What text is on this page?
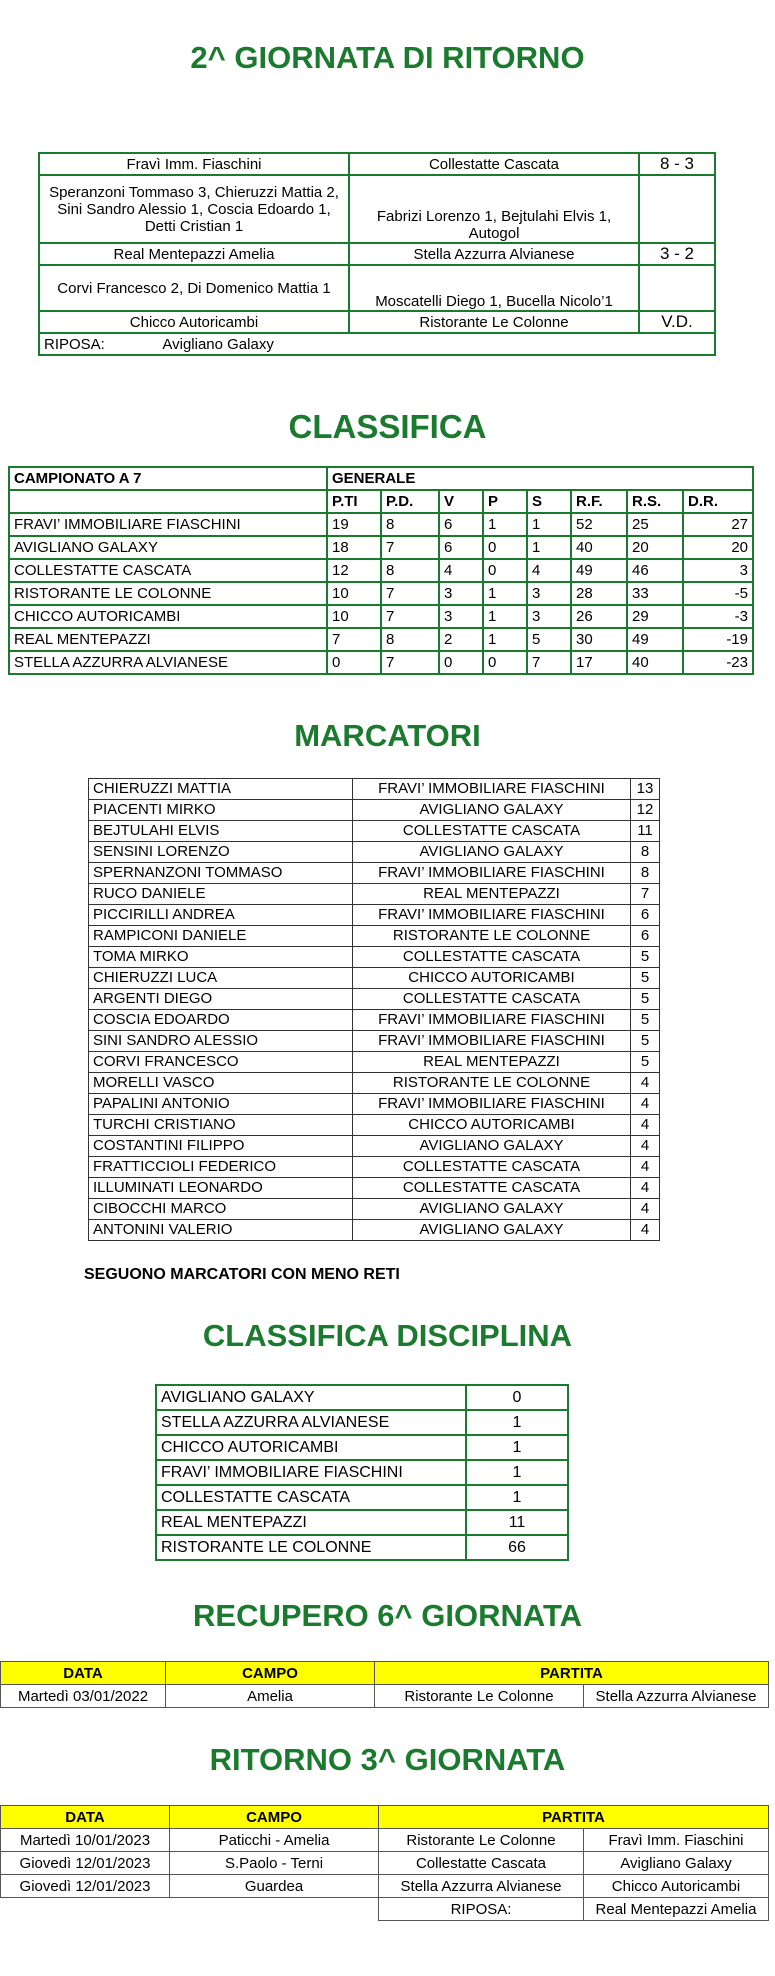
2^ GIORNATA DI RITORNO
Fravì Imm. Fiaschini	Collestatte Cascata	8 - 3
Speranzoni Tommaso 3, Chieruzzi Mattia 2, Sini Sandro Alessio 1, Coscia Edoardo 1, Detti Cristian 1	Fabrizi Lorenzo 1, Bejtulahi Elvis 1, Autogol	
Real Mentepazzi Amelia	Stella Azzurra Alvianese	3 - 2
Corvi Francesco 2, Di Domenico Mattia 1	Moscatelli Diego 1, Bucella Nicolo’1	
Chicco Autoricambi	Ristorante Le Colonne	V.D.
RIPOSA: Avigliano Galaxy		
CLASSIFICA
CAMPIONATO A 7	GENERALE							
	P.TI	P.D.	V	P	S	R.F.	R.S.	D.R.
FRAVI’ IMMOBILIARE FIASCHINI	19	8	6	1	1	52	25	27
AVIGLIANO GALAXY	18	7	6	0	1	40	20	20
COLLESTATTE CASCATA	12	8	4	0	4	49	46	3
RISTORANTE LE COLONNE	10	7	3	1	3	28	33	-5
CHICCO AUTORICAMBI	10	7	3	1	3	26	29	-3
REAL MENTEPAZZI	7	8	2	1	5	30	49	-19
STELLA AZZURRA ALVIANESE	0	7	0	0	7	17	40	-23
MARCATORI
CHIERUZZI MATTIA	FRAVI’ IMMOBILIARE FIASCHINI	13
PIACENTI MIRKO	AVIGLIANO GALAXY	12
BEJTULAHI ELVIS	COLLESTATTE CASCATA	11
SENSINI LORENZO	AVIGLIANO GALAXY	8
SPERNANZONI TOMMASO	FRAVI’ IMMOBILIARE FIASCHINI	8
RUCO DANIELE	REAL MENTEPAZZI	7
PICCIRILLI ANDREA	FRAVI’ IMMOBILIARE FIASCHINI	6
RAMPICONI DANIELE	RISTORANTE LE COLONNE	6
TOMA MIRKO	COLLESTATTE CASCATA	5
CHIERUZZI LUCA	CHICCO AUTORICAMBI	5
ARGENTI DIEGO	COLLESTATTE CASCATA	5
COSCIA EDOARDO	FRAVI’ IMMOBILIARE FIASCHINI	5
SINI SANDRO ALESSIO	FRAVI’ IMMOBILIARE FIASCHINI	5
CORVI FRANCESCO	REAL MENTEPAZZI	5
MORELLI VASCO	RISTORANTE LE COLONNE	4
PAPALINI ANTONIO	FRAVI’ IMMOBILIARE FIASCHINI	4
TURCHI CRISTIANO	CHICCO AUTORICAMBI	4
COSTANTINI FILIPPO	AVIGLIANO GALAXY	4
FRATTICCIOLI FEDERICO	COLLESTATTE CASCATA	4
ILLUMINATI LEONARDO	COLLESTATTE CASCATA	4
CIBOCCHI MARCO	AVIGLIANO GALAXY	4
ANTONINI VALERIO	AVIGLIANO GALAXY	4
SEGUONO MARCATORI CON MENO RETI
CLASSIFICA DISCIPLINA
AVIGLIANO GALAXY	0
STELLA AZZURRA ALVIANESE	1
CHICCO AUTORICAMBI	1
FRAVI’ IMMOBILIARE FIASCHINI	1
COLLESTATTE CASCATA	1
REAL MENTEPAZZI	11
RISTORANTE LE COLONNE	66
RECUPERO 6^ GIORNATA
DATA	CAMPO	PARTITA	
Martedì 03/01/2022	Amelia	Ristorante Le Colonne	Stella Azzurra Alvianese
RITORNO 3^ GIORNATA
DATA	CAMPO	PARTITA	
Martedì 10/01/2023	Paticchi - Amelia	Ristorante Le Colonne	Fravì Imm. Fiaschini
Giovedì 12/01/2023	S.Paolo - Terni	Collestatte Cascata	Avigliano Galaxy
Giovedì 12/01/2023	Guardea	Stella Azzurra Alvianese	Chicco Autoricambi
		RIPOSA:	Real Mentepazzi Amelia
